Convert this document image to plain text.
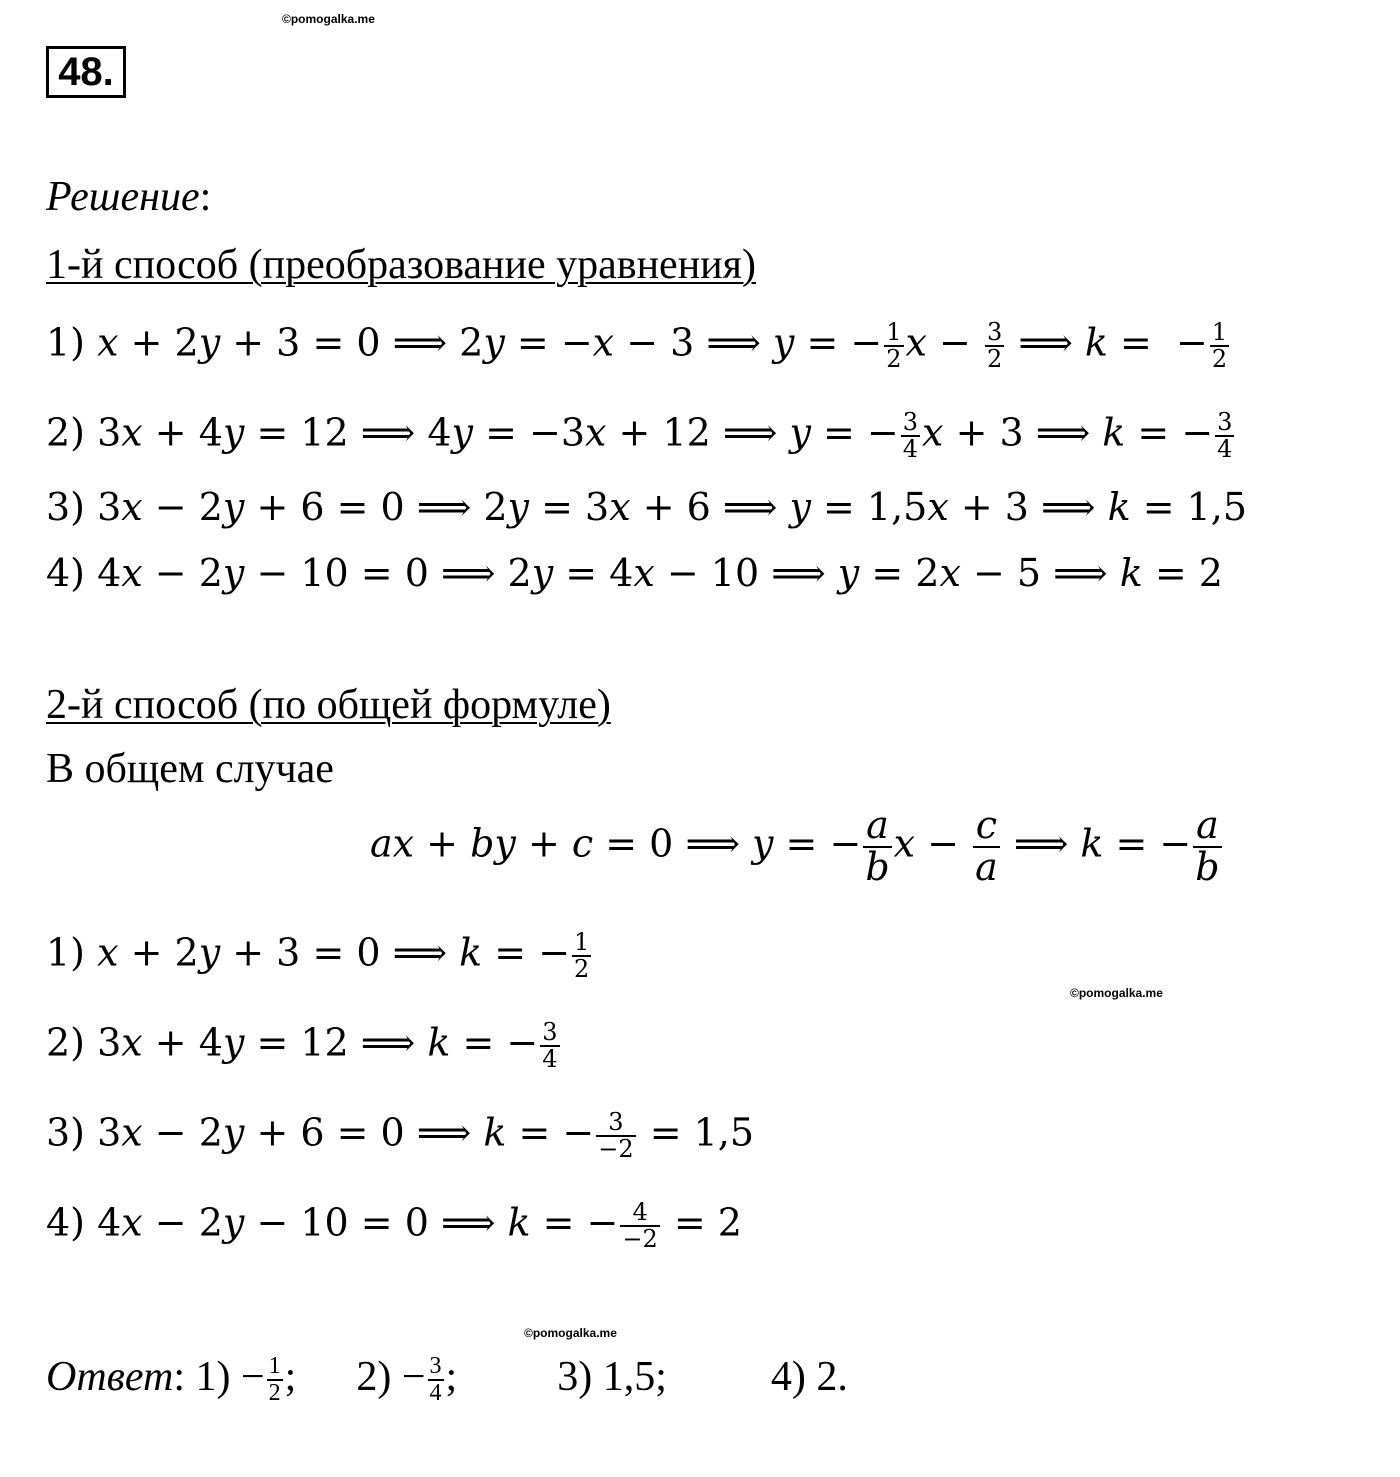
©pomogalka.me
©pomogalka.me
©pomogalka.me
48.
Решение:
1-й способ (преобразование уравнения)
1) x + 2y + 3 = 0 ⟹ 2y = −x − 3 ⟹ y = − $\frac{1}{2}$ $x - \frac{3}{2}$ ⟹ k =  − $\frac{1}{2}$
2) 3x + 4y = 12 ⟹ 4y = −3x + 12 ⟹ y = − $\frac{3}{4}$ x + 3 ⟹ k = − $\frac{3}{4}$
3) 3x − 2y + 6 = 0 ⟹ 2y = 3x + 6 ⟹ y = 1,5x + 3 ⟹ k = 1,5
4) 4x − 2y − 10 = 0 ⟹ 2y = 4x − 10 ⟹ y = 2x − 5 ⟹ k = 2
2-й способ (по общей формуле)
В общем случае
ax + by + c = 0 ⟹ y = − $\frac{a}{b}$ $x - \frac{c}{a}$ ⟹ k = − $\frac{a}{b}$
1) x + 2y + 3 = 0 ⟹ k = − $\frac{1}{2}$
2) 3x + 4y = 12 ⟹ k = − $\frac{3}{4}$
3) 3x − 2y + 6 = 0 ⟹ k = − $\frac{3}{-2} = 1,5$
4) 4x − 2y − 10 = 0 ⟹ k = − $\frac{4}{-2} = 2$
Ответ: $1) - \frac{1}{2}$ ; $2) - \frac{3}{4}$ ; 3) 1,5; 4) 2.
